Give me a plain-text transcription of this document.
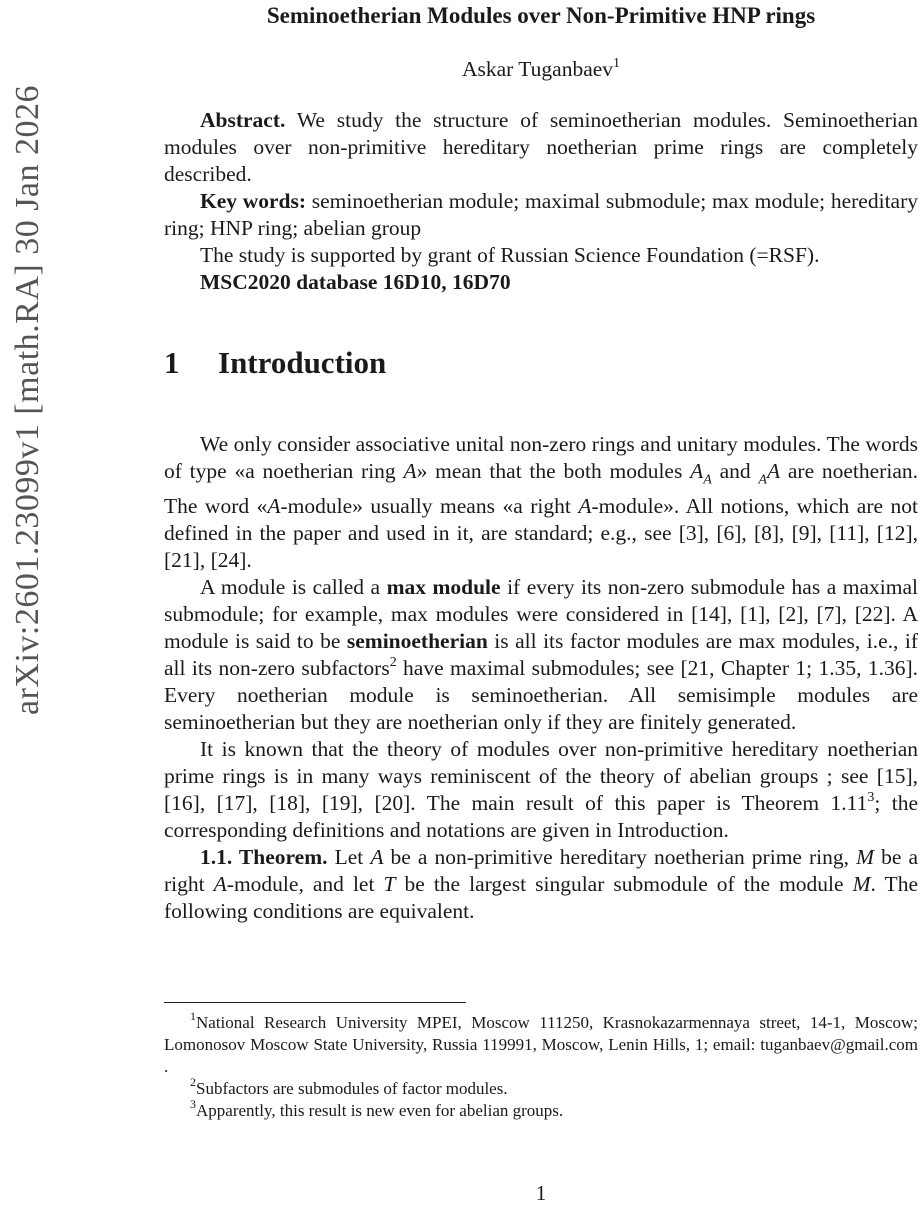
arXiv:2601.23099v1 [math.RA] 30 Jan 2026
Seminoetherian Modules over Non-Primitive HNP rings
Askar Tuganbaev$^1$

Abstract. We study the structure of seminoetherian modules. Seminoetherian modules over non-primitive hereditary noetherian prime rings are completely described.

Key words: seminoetherian module; maximal submodule; max module; hereditary ring; HNP ring; abelian group

The study is supported by grant of Russian Science Foundation (=RSF).

MSC2020 database 16D10, 16D70

1 Introduction

We only consider associative unital non-zero rings and unitary modules. The words of type «a noetherian ring A» mean that the both modules $A_A$ and $_A$A are noetherian. The word «A-module» usually means «a right A-module». All notions, which are not defined in the paper and used in it, are standard; e.g., see [3], [6], [8], [9], [11], [12], [21], [24].

A module is called a max module if every its non-zero submodule has a maximal submodule; for example, max modules were considered in [14], [1], [2], [7], [22]. A module is said to be seminoetherian is all its factor modules are max modules, i.e., if all its non-zero subfactors$^2$ have maximal submodules; see [21, Chapter 1; 1.35, 1.36]. Every noetherian module is seminoetherian. All semisimple modules are seminoetherian but they are noetherian only if they are finitely generated.

It is known that the theory of modules over non-primitive hereditary noetherian prime rings is in many ways reminiscent of the theory of abelian groups ; see [15], [16], [17], [18], [19], [20]. The main result of this paper is Theorem 1.11$^3$; the corresponding definitions and notations are given in Introduction.

1.1. Theorem. Let A be a non-primitive hereditary noetherian prime ring, M be a right A-module, and let T be the largest singular submodule of the module M. The following conditions are equivalent.

$^1$National Research University MPEI, Moscow 111250, Krasnokazarmennaya street, 14-1, Moscow; Lomonosov Moscow State University, Russia 119991, Moscow, Lenin Hills, 1; email: tuganbaev@gmail.com .

$^2$Subfactors are submodules of factor modules.

$^3$Apparently, this result is new even for abelian groups.

1
